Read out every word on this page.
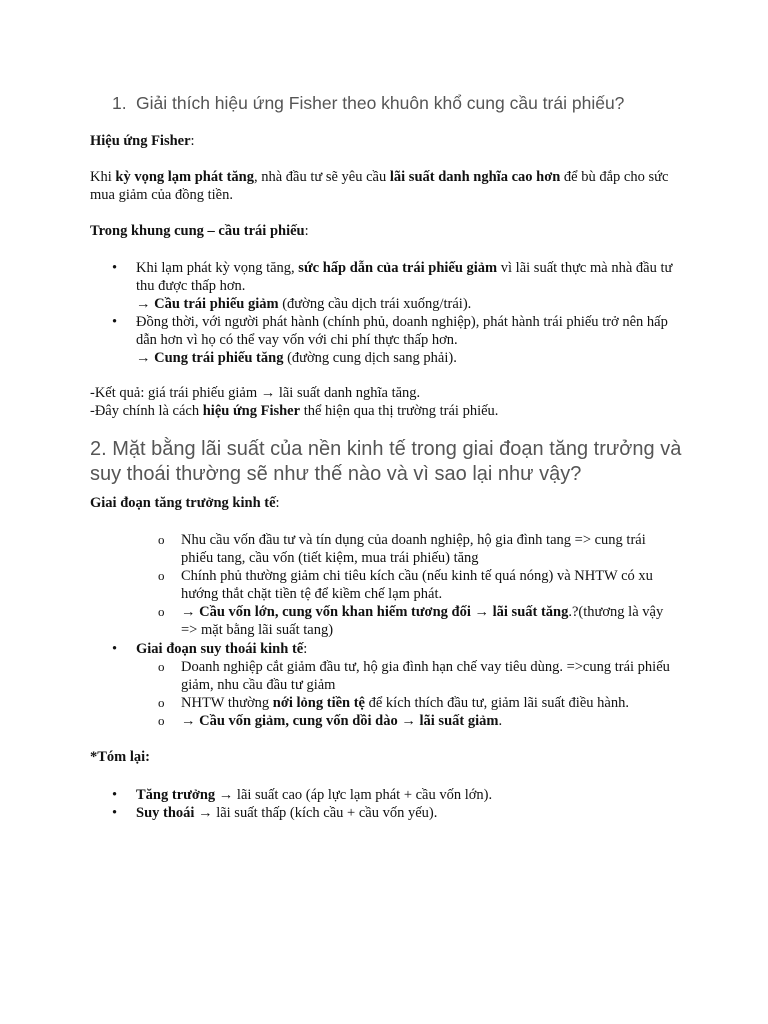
1. Giải thích hiệu ứng Fisher theo khuôn khổ cung cầu trái phiếu?
Hiệu ứng Fisher:
Khi kỳ vọng lạm phát tăng, nhà đầu tư sẽ yêu cầu lãi suất danh nghĩa cao hơn để bù đắp cho sức mua giảm của đồng tiền.
Trong khung cung – cầu trái phiếu:
• Khi lạm phát kỳ vọng tăng, sức hấp dẫn của trái phiếu giảm vì lãi suất thực mà nhà đầu tư thu được thấp hơn.
→ Cầu trái phiếu giảm (đường cầu dịch trái xuống/trái).
• Đồng thời, với người phát hành (chính phủ, doanh nghiệp), phát hành trái phiếu trở nên hấp dẫn hơn vì họ có thể vay vốn với chi phí thực thấp hơn.
→ Cung trái phiếu tăng (đường cung dịch sang phải).
-Kết quả: giá trái phiếu giảm → lãi suất danh nghĩa tăng.
-Đây chính là cách hiệu ứng Fisher thể hiện qua thị trường trái phiếu.
2. Mặt bằng lãi suất của nền kinh tế trong giai đoạn tăng trưởng và suy thoái thường sẽ như thế nào và vì sao lại như vậy?
Giai đoạn tăng trưởng kinh tế:
o Nhu cầu vốn đầu tư và tín dụng của doanh nghiệp, hộ gia đình tang => cung trái phiếu tang, cầu vốn (tiết kiệm, mua trái phiếu) tăng
o Chính phủ thường giảm chi tiêu kích cầu (nếu kinh tế quá nóng) và NHTW có xu hướng thắt chặt tiền tệ để kiềm chế lạm phát.
o → Cầu vốn lớn, cung vốn khan hiếm tương đối → lãi suất tăng.?(thương là vậy => mặt bằng lãi suất tang)
• Giai đoạn suy thoái kinh tế:
o Doanh nghiệp cắt giảm đầu tư, hộ gia đình hạn chế vay tiêu dùng. =>cung trái phiếu giảm, nhu cầu đầu tư giảm
o NHTW thường nới lỏng tiền tệ để kích thích đầu tư, giảm lãi suất điều hành.
o → Cầu vốn giảm, cung vốn dồi dào → lãi suất giảm.
*Tóm lại:
• Tăng trưởng → lãi suất cao (áp lực lạm phát + cầu vốn lớn).
• Suy thoái → lãi suất thấp (kích cầu + cầu vốn yếu).
